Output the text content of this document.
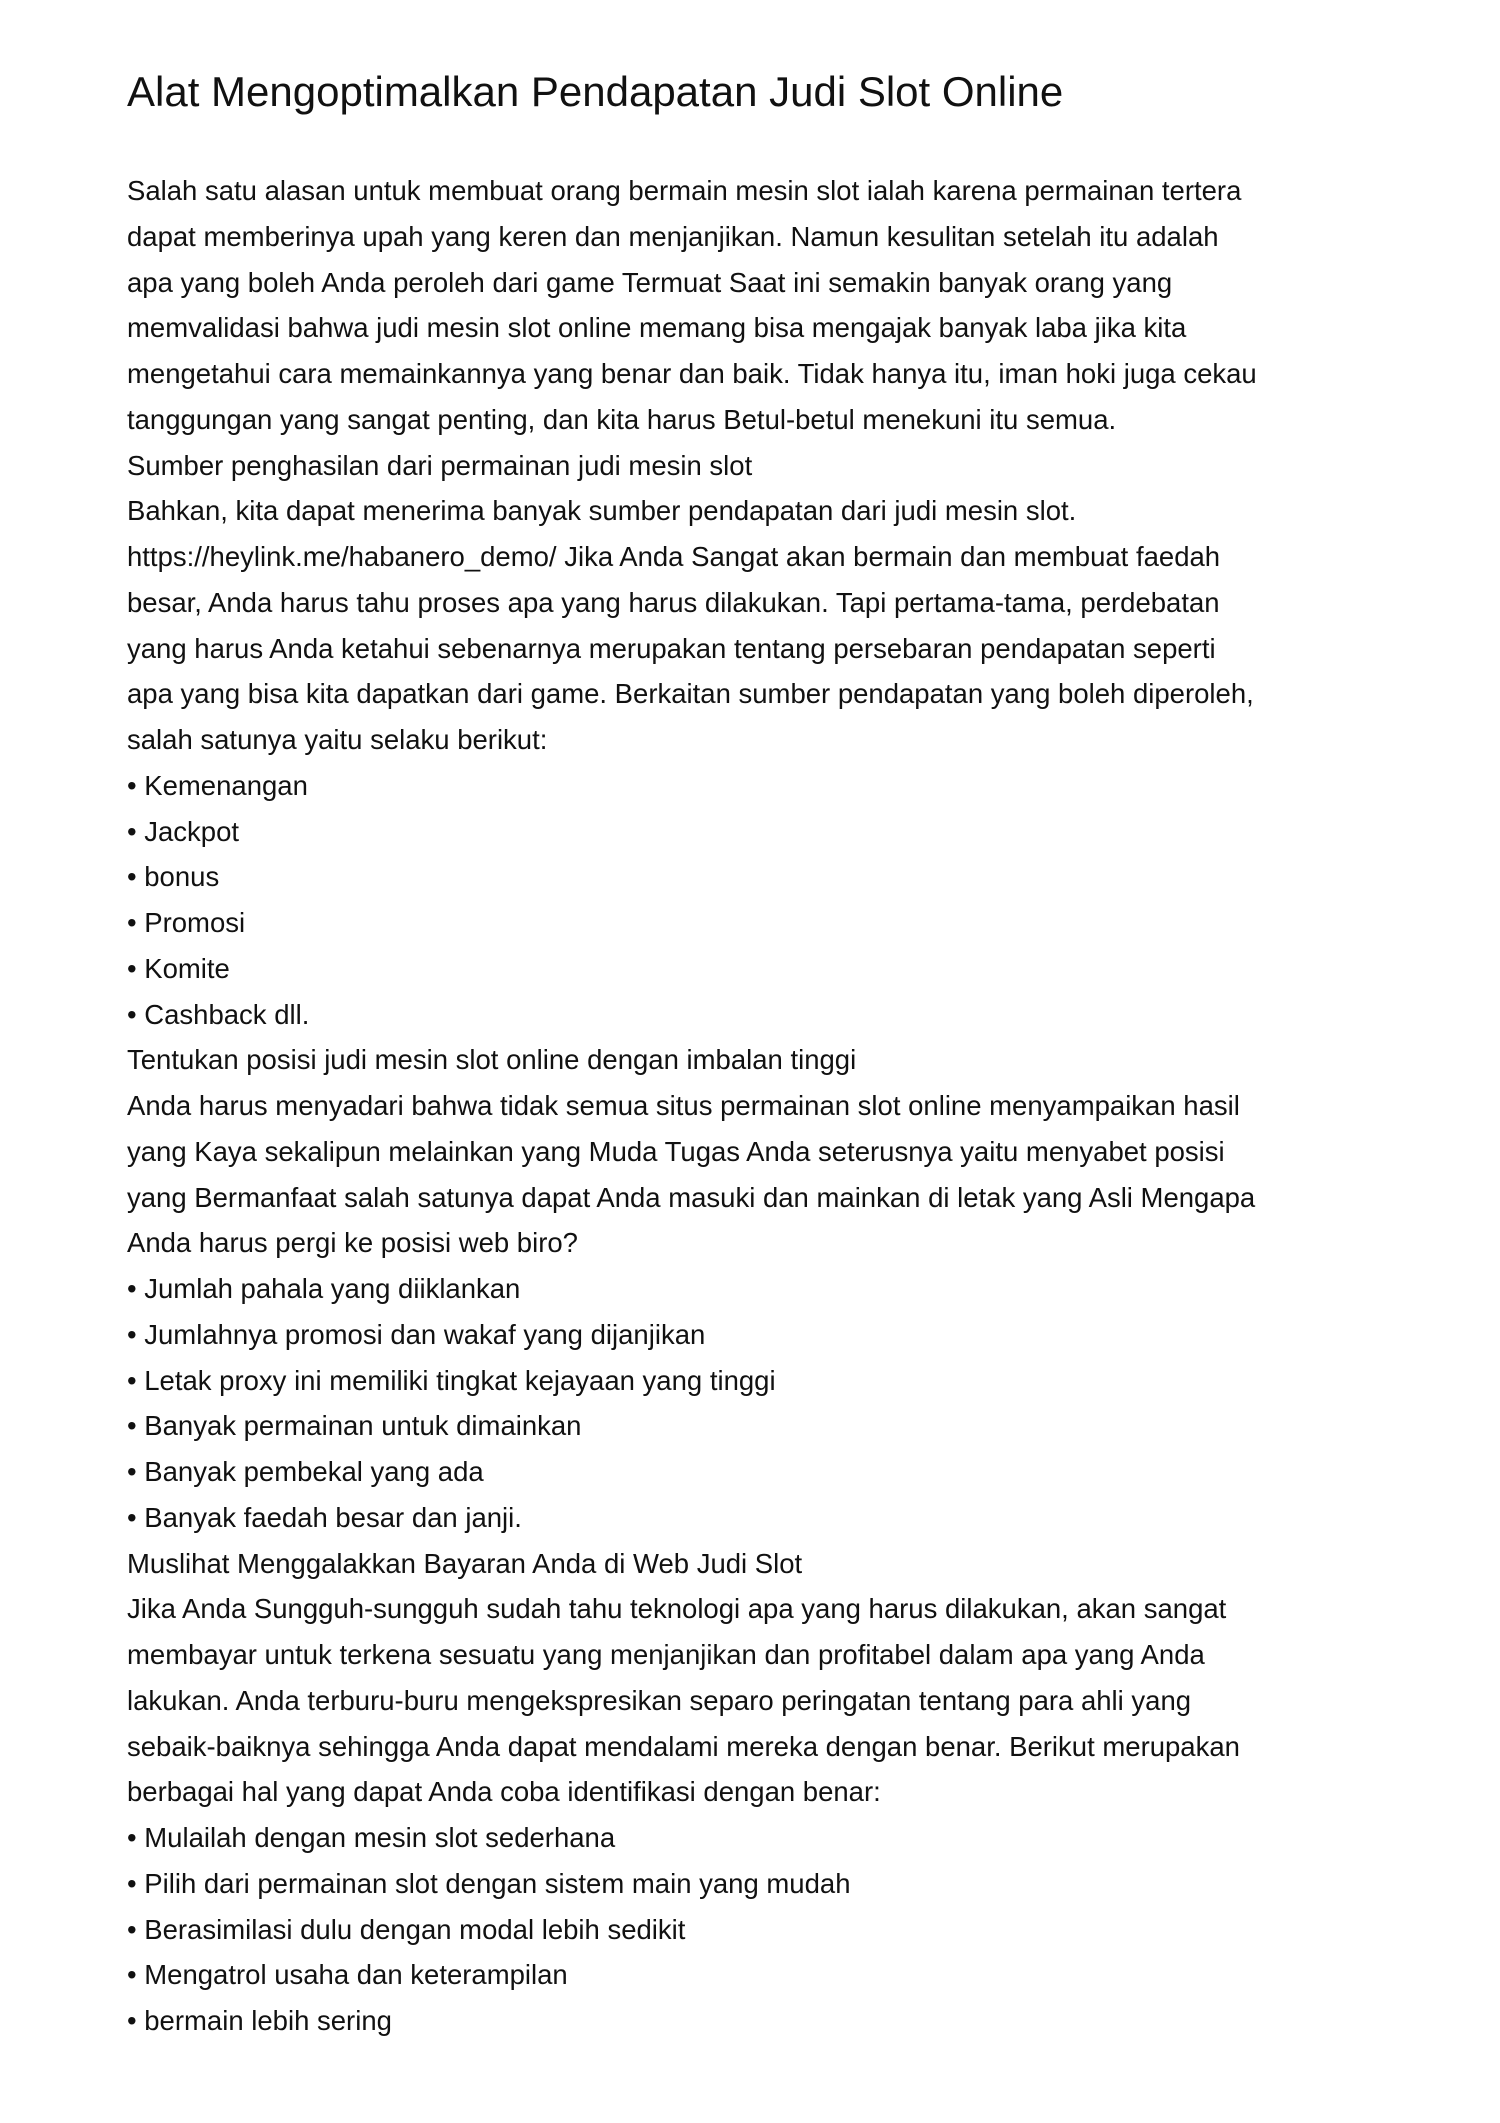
Alat Mengoptimalkan Pendapatan Judi Slot Online
Salah satu alasan untuk membuat orang bermain mesin slot ialah karena permainan tertera
dapat memberinya upah yang keren dan menjanjikan. Namun kesulitan setelah itu adalah
apa yang boleh Anda peroleh dari game Termuat Saat ini semakin banyak orang yang
memvalidasi bahwa judi mesin slot online memang bisa mengajak banyak laba jika kita
mengetahui cara memainkannya yang benar dan baik. Tidak hanya itu, iman hoki juga cekau
tanggungan yang sangat penting, dan kita harus Betul-betul menekuni itu semua.
Sumber penghasilan dari permainan judi mesin slot
Bahkan, kita dapat menerima banyak sumber pendapatan dari judi mesin slot.
https://heylink.me/habanero_demo/ Jika Anda Sangat akan bermain dan membuat faedah
besar, Anda harus tahu proses apa yang harus dilakukan. Tapi pertama-tama, perdebatan
yang harus Anda ketahui sebenarnya merupakan tentang persebaran pendapatan seperti
apa yang bisa kita dapatkan dari game. Berkaitan sumber pendapatan yang boleh diperoleh,
salah satunya yaitu selaku berikut:
• Kemenangan
• Jackpot
• bonus
• Promosi
• Komite
• Cashback dll.
Tentukan posisi judi mesin slot online dengan imbalan tinggi
Anda harus menyadari bahwa tidak semua situs permainan slot online menyampaikan hasil
yang Kaya sekalipun melainkan yang Muda Tugas Anda seterusnya yaitu menyabet posisi
yang Bermanfaat salah satunya dapat Anda masuki dan mainkan di letak yang Asli Mengapa
Anda harus pergi ke posisi web biro?
• Jumlah pahala yang diiklankan
• Jumlahnya promosi dan wakaf yang dijanjikan
• Letak proxy ini memiliki tingkat kejayaan yang tinggi
• Banyak permainan untuk dimainkan
• Banyak pembekal yang ada
• Banyak faedah besar dan janji.
Muslihat Menggalakkan Bayaran Anda di Web Judi Slot
Jika Anda Sungguh-sungguh sudah tahu teknologi apa yang harus dilakukan, akan sangat
membayar untuk terkena sesuatu yang menjanjikan dan profitabel dalam apa yang Anda
lakukan. Anda terburu-buru mengekspresikan separo peringatan tentang para ahli yang
sebaik-baiknya sehingga Anda dapat mendalami mereka dengan benar. Berikut merupakan
berbagai hal yang dapat Anda coba identifikasi dengan benar:
• Mulailah dengan mesin slot sederhana
• Pilih dari permainan slot dengan sistem main yang mudah
• Berasimilasi dulu dengan modal lebih sedikit
• Mengatrol usaha dan keterampilan
• bermain lebih sering
